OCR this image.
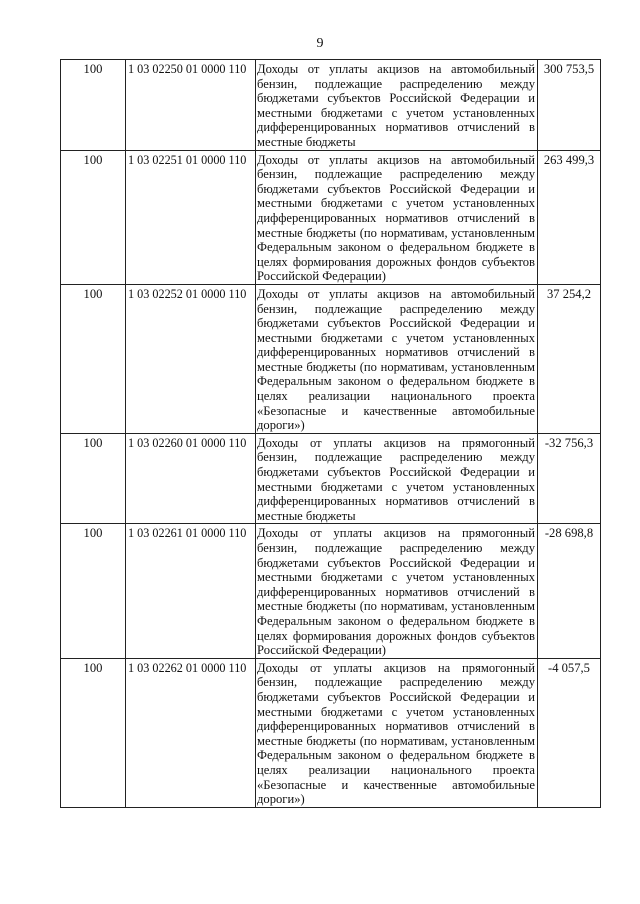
9
100	1 03 02250 01 0000 110	Доходы от уплаты акцизов на автомобильный бензин, подлежащие распределению между бюджетами субъектов Российской Федерации и местными бюджетами с учетом установленных дифференцированных нормативов отчислений в местные бюджеты	300 753,5
100	1 03 02251 01 0000 110	Доходы от уплаты акцизов на автомобильный бензин, подлежащие распределению между бюджетами субъектов Российской Федерации и местными бюджетами с учетом установленных дифференцированных нормативов отчислений в местные бюджеты (по нормативам, установленным Федеральным законом о федеральном бюджете в целях формирования дорожных фондов субъектов Российской Федерации)	263 499,3
100	1 03 02252 01 0000 110	Доходы от уплаты акцизов на автомобильный бензин, подлежащие распределению между бюджетами субъектов Российской Федерации и местными бюджетами с учетом установленных дифференцированных нормативов отчислений в местные бюджеты (по нормативам, установленным Федеральным законом о федеральном бюджете в целях реализации национального проекта «Безопасные и качественные автомобильные дороги»)	37 254,2
100	1 03 02260 01 0000 110	Доходы от уплаты акцизов на прямогонный бензин, подлежащие распределению между бюджетами субъектов Российской Федерации и местными бюджетами с учетом установленных дифференцированных нормативов отчислений в местные бюджеты	-32 756,3
100	1 03 02261 01 0000 110	Доходы от уплаты акцизов на прямогонный бензин, подлежащие распределению между бюджетами субъектов Российской Федерации и местными бюджетами с учетом установленных дифференцированных нормативов отчислений в местные бюджеты (по нормативам, установленным Федеральным законом о федеральном бюджете в целях формирования дорожных фондов субъектов Российской Федерации)	-28 698,8
100	1 03 02262 01 0000 110	Доходы от уплаты акцизов на прямогонный бензин, подлежащие распределению между бюджетами субъектов Российской Федерации и местными бюджетами с учетом установленных дифференцированных нормативов отчислений в местные бюджеты (по нормативам, установленным Федеральным законом о федеральном бюджете в целях реализации национального проекта «Безопасные и качественные автомобильные дороги»)	-4 057,5
